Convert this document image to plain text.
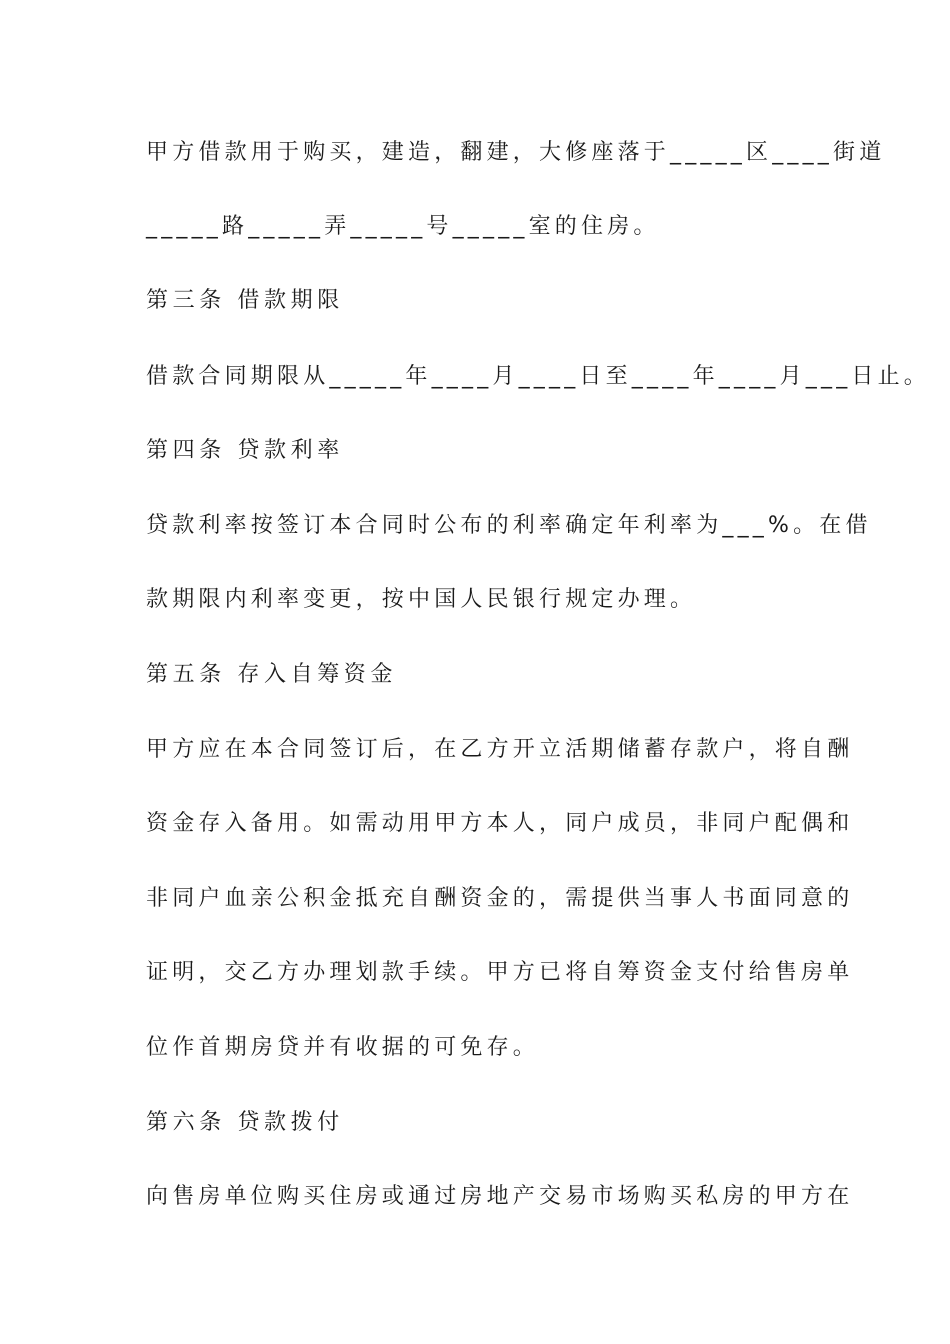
甲方借款用于购买，建造，翻建，大修座落于_____区____街道
_____路_____弄_____号_____室的住房。
第三条 借款期限
借款合同期限从_____年____月____日至____年____月___日止。
第四条 贷款利率
贷款利率按签订本合同时公布的利率确定年利率为___%。在借
款期限内利率变更，按中国人民银行规定办理。
第五条 存入自筹资金
甲方应在本合同签订后，在乙方开立活期储蓄存款户，将自酬
资金存入备用。如需动用甲方本人，同户成员，非同户配偶和
非同户血亲公积金抵充自酬资金的，需提供当事人书面同意的
证明，交乙方办理划款手续。甲方已将自筹资金支付给售房单
位作首期房贷并有收据的可免存。
第六条 贷款拨付
向售房单位购买住房或通过房地产交易市场购买私房的甲方在
